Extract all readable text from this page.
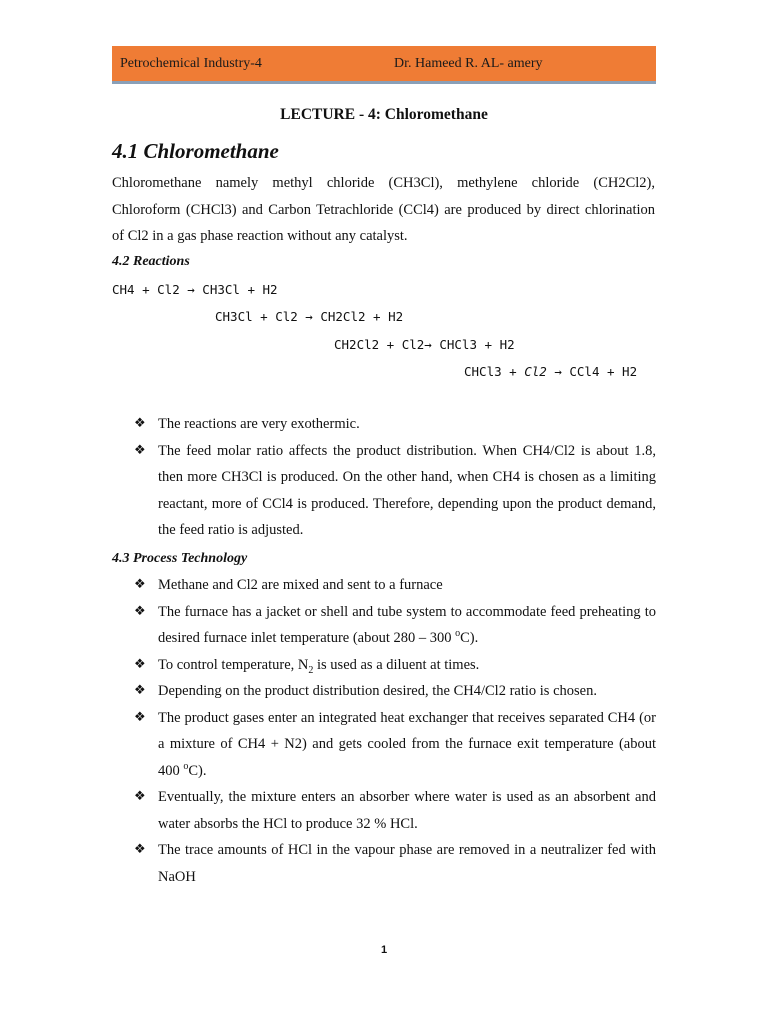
Petrochemical Industry-4	Dr. Hameed R. AL- amery
LECTURE - 4: Chloromethane
4.1 Chloromethane
Chloromethane namely methyl chloride (CH3Cl), methylene chloride (CH2Cl2),
Chloroform (CHCl3) and Carbon Tetrachloride (CCl4) are produced by direct chlorination
of Cl2 in a gas phase reaction without any catalyst.
4.2 Reactions
CH4 + Cl2 → CH3Cl + H2
CH3Cl + Cl2 → CH2Cl2 + H2
CH2Cl2 + Cl2→ CHCl3 + H2
CHCl3 + Cl2 → CCl4 + H2
❖ The reactions are very exothermic.
❖ The feed molar ratio affects the product distribution. When CH4/Cl2 is about 1.8, then more CH3Cl is produced. On the other hand, when CH4 is chosen as a limiting reactant, more of CCl4 is produced. Therefore, depending upon the product demand, the feed ratio is adjusted.
4.3 Process Technology
❖ Methane and Cl2 are mixed and sent to a furnace
❖ The furnace has a jacket or shell and tube system to accommodate feed preheating to desired furnace inlet temperature (about 280 – 300 $^o$C).
❖ To control temperature, $N_2$ is used as a diluent at times.
❖ Depending on the product distribution desired, the CH4/Cl2 ratio is chosen.
❖ The product gases enter an integrated heat exchanger that receives separated CH4 (or a mixture of CH4 + N2) and gets cooled from the furnace exit temperature (about 400 $^o$C).
❖ Eventually, the mixture enters an absorber where water is used as an absorbent and water absorbs the HCl to produce 32 % HCl.
❖ The trace amounts of HCl in the vapour phase are removed in a neutralizer fed with NaOH
1
